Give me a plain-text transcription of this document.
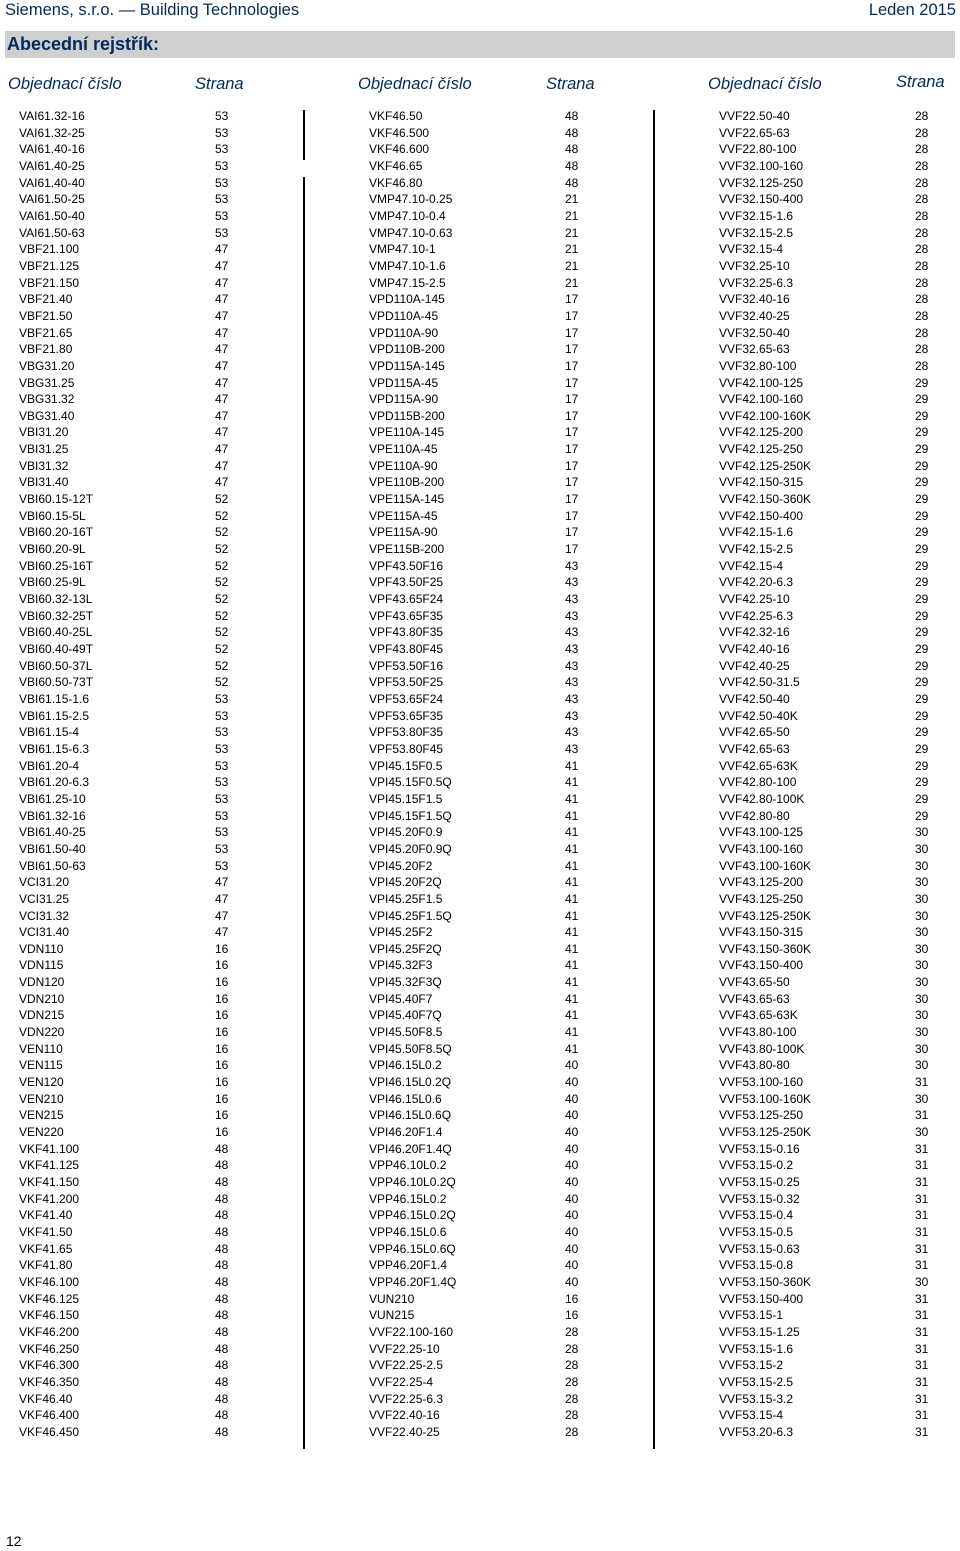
Siemens, s.r.o. — Building Technologies	Leden 2015
Abecední rejstřík:
Objednací číslo	Strana	Objednací číslo	Strana	Objednací číslo	Strana
VAI61.32-16	53
VAI61.32-25	53
VAI61.40-16	53
VAI61.40-25	53
VAI61.40-40	53
VAI61.50-25	53
VAI61.50-40	53
VAI61.50-63	53
VBF21.100	47
VBF21.125	47
VBF21.150	47
VBF21.40	47
VBF21.50	47
VBF21.65	47
VBF21.80	47
VBG31.20	47
VBG31.25	47
VBG31.32	47
VBG31.40	47
VBI31.20	47
VBI31.25	47
VBI31.32	47
VBI31.40	47
VBI60.15-12T	52
VBI60.15-5L	52
VBI60.20-16T	52
VBI60.20-9L	52
VBI60.25-16T	52
VBI60.25-9L	52
VBI60.32-13L	52
VBI60.32-25T	52
VBI60.40-25L	52
VBI60.40-49T	52
VBI60.50-37L	52
VBI60.50-73T	52
VBI61.15-1.6	53
VBI61.15-2.5	53
VBI61.15-4	53
VBI61.15-6.3	53
VBI61.20-4	53
VBI61.20-6.3	53
VBI61.25-10	53
VBI61.32-16	53
VBI61.40-25	53
VBI61.50-40	53
VBI61.50-63	53
VCI31.20	47
VCI31.25	47
VCI31.32	47
VCI31.40	47
VDN110	16
VDN115	16
VDN120	16
VDN210	16
VDN215	16
VDN220	16
VEN110	16
VEN115	16
VEN120	16
VEN210	16
VEN215	16
VEN220	16
VKF41.100	48
VKF41.125	48
VKF41.150	48
VKF41.200	48
VKF41.40	48
VKF41.50	48
VKF41.65	48
VKF41.80	48
VKF46.100	48
VKF46.125	48
VKF46.150	48
VKF46.200	48
VKF46.250	48
VKF46.300	48
VKF46.350	48
VKF46.40	48
VKF46.400	48
VKF46.450	48
VKF46.50	48
VKF46.500	48
VKF46.600	48
VKF46.65	48
VKF46.80	48
VMP47.10-0.25	21
VMP47.10-0.4	21
VMP47.10-0.63	21
VMP47.10-1	21
VMP47.10-1.6	21
VMP47.15-2.5	21
VPD110A-145	17
VPD110A-45	17
VPD110A-90	17
VPD110B-200	17
VPD115A-145	17
VPD115A-45	17
VPD115A-90	17
VPD115B-200	17
VPE110A-145	17
VPE110A-45	17
VPE110A-90	17
VPE110B-200	17
VPE115A-145	17
VPE115A-45	17
VPE115A-90	17
VPE115B-200	17
VPF43.50F16	43
VPF43.50F25	43
VPF43.65F24	43
VPF43.65F35	43
VPF43.80F35	43
VPF43.80F45	43
VPF53.50F16	43
VPF53.50F25	43
VPF53.65F24	43
VPF53.65F35	43
VPF53.80F35	43
VPF53.80F45	43
VPI45.15F0.5	41
VPI45.15F0.5Q	41
VPI45.15F1.5	41
VPI45.15F1.5Q	41
VPI45.20F0.9	41
VPI45.20F0.9Q	41
VPI45.20F2	41
VPI45.20F2Q	41
VPI45.25F1.5	41
VPI45.25F1.5Q	41
VPI45.25F2	41
VPI45.25F2Q	41
VPI45.32F3	41
VPI45.32F3Q	41
VPI45.40F7	41
VPI45.40F7Q	41
VPI45.50F8.5	41
VPI45.50F8.5Q	41
VPI46.15L0.2	40
VPI46.15L0.2Q	40
VPI46.15L0.6	40
VPI46.15L0.6Q	40
VPI46.20F1.4	40
VPI46.20F1.4Q	40
VPP46.10L0.2	40
VPP46.10L0.2Q	40
VPP46.15L0.2	40
VPP46.15L0.2Q	40
VPP46.15L0.6	40
VPP46.15L0.6Q	40
VPP46.20F1.4	40
VPP46.20F1.4Q	40
VUN210	16
VUN215	16
VVF22.100-160	28
VVF22.25-10	28
VVF22.25-2.5	28
VVF22.25-4	28
VVF22.25-6.3	28
VVF22.40-16	28
VVF22.40-25	28
VVF22.50-40	28
VVF22.65-63	28
VVF22.80-100	28
VVF32.100-160	28
VVF32.125-250	28
VVF32.150-400	28
VVF32.15-1.6	28
VVF32.15-2.5	28
VVF32.15-4	28
VVF32.25-10	28
VVF32.25-6.3	28
VVF32.40-16	28
VVF32.40-25	28
VVF32.50-40	28
VVF32.65-63	28
VVF32.80-100	28
VVF42.100-125	29
VVF42.100-160	29
VVF42.100-160K	29
VVF42.125-200	29
VVF42.125-250	29
VVF42.125-250K	29
VVF42.150-315	29
VVF42.150-360K	29
VVF42.150-400	29
VVF42.15-1.6	29
VVF42.15-2.5	29
VVF42.15-4	29
VVF42.20-6.3	29
VVF42.25-10	29
VVF42.25-6.3	29
VVF42.32-16	29
VVF42.40-16	29
VVF42.40-25	29
VVF42.50-31.5	29
VVF42.50-40	29
VVF42.50-40K	29
VVF42.65-50	29
VVF42.65-63	29
VVF42.65-63K	29
VVF42.80-100	29
VVF42.80-100K	29
VVF42.80-80	29
VVF43.100-125	30
VVF43.100-160	30
VVF43.100-160K	30
VVF43.125-200	30
VVF43.125-250	30
VVF43.125-250K	30
VVF43.150-315	30
VVF43.150-360K	30
VVF43.150-400	30
VVF43.65-50	30
VVF43.65-63	30
VVF43.65-63K	30
VVF43.80-100	30
VVF43.80-100K	30
VVF43.80-80	30
VVF53.100-160	31
VVF53.100-160K	30
VVF53.125-250	31
VVF53.125-250K	30
VVF53.15-0.16	31
VVF53.15-0.2	31
VVF53.15-0.25	31
VVF53.15-0.32	31
VVF53.15-0.4	31
VVF53.15-0.5	31
VVF53.15-0.63	31
VVF53.15-0.8	31
VVF53.150-360K	30
VVF53.150-400	31
VVF53.15-1	31
VVF53.15-1.25	31
VVF53.15-1.6	31
VVF53.15-2	31
VVF53.15-2.5	31
VVF53.15-3.2	31
VVF53.15-4	31
VVF53.20-6.3	31
12
